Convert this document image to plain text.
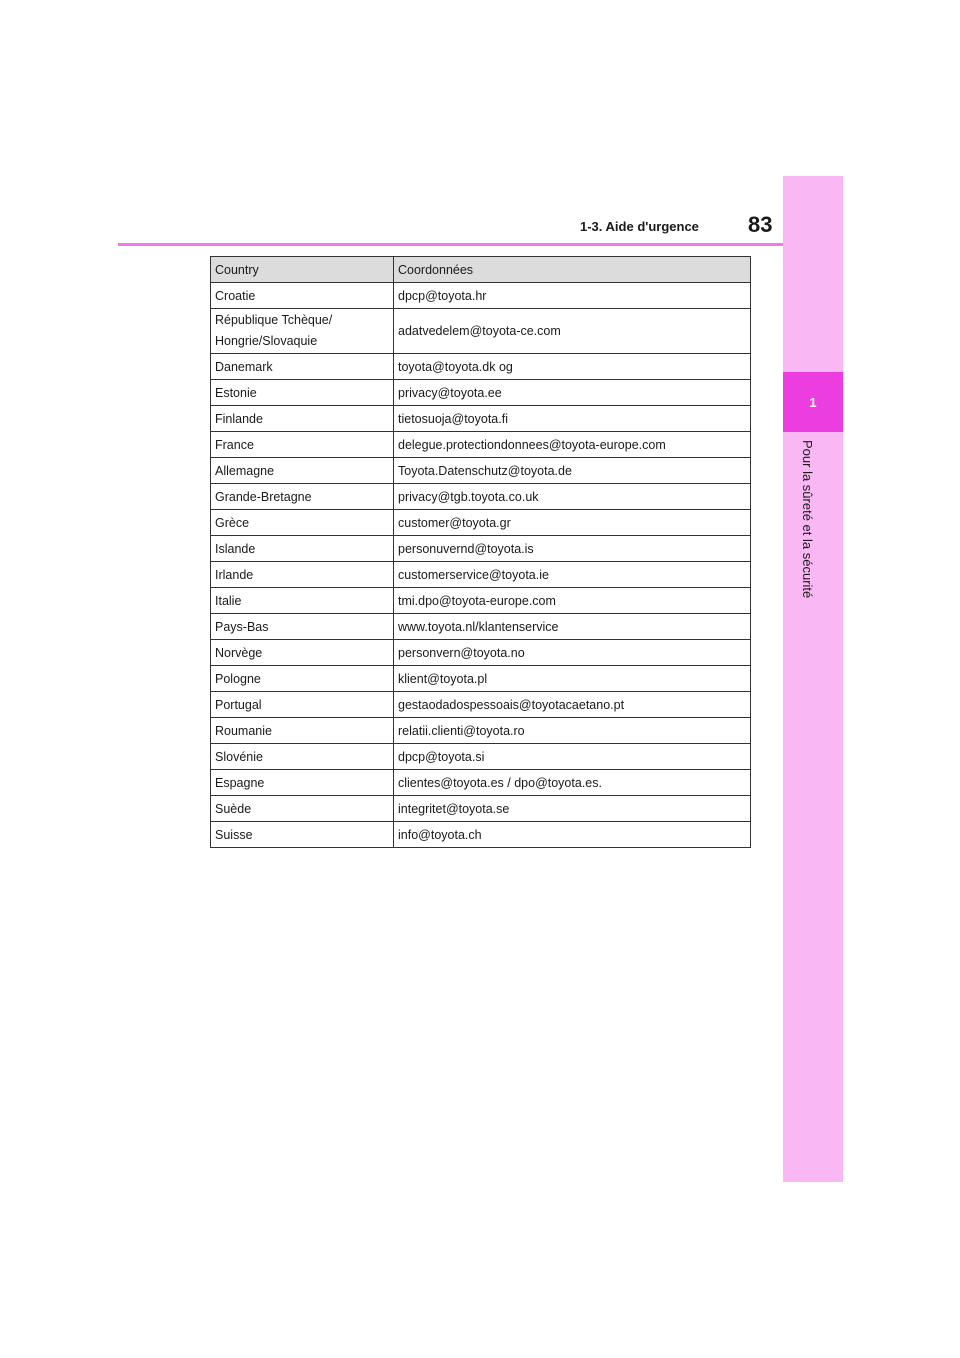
1
Pour la sûreté et la sécurité
1-3. Aide d'urgence 83
Country	Coordonnées
Croatie	dpcp@toyota.hr
République Tchèque/
Hongrie/Slovaquie	adatvedelem@toyota-ce.com
Danemark	toyota@toyota.dk og
Estonie	privacy@toyota.ee
Finlande	tietosuoja@toyota.fi
France	delegue.protectiondonnees@toyota-europe.com
Allemagne	Toyota.Datenschutz@toyota.de
Grande-Bretagne	privacy@tgb.toyota.co.uk
Grèce	customer@toyota.gr
Islande	personuvernd@toyota.is
Irlande	customerservice@toyota.ie
Italie	tmi.dpo@toyota-europe.com
Pays-Bas	www.toyota.nl/klantenservice
Norvège	personvern@toyota.no
Pologne	klient@toyota.pl
Portugal	gestaodadospessoais@toyotacaetano.pt
Roumanie	relatii.clienti@toyota.ro
Slovénie	dpcp@toyota.si
Espagne	clientes@toyota.es / dpo@toyota.es.
Suède	integritet@toyota.se
Suisse	info@toyota.ch
